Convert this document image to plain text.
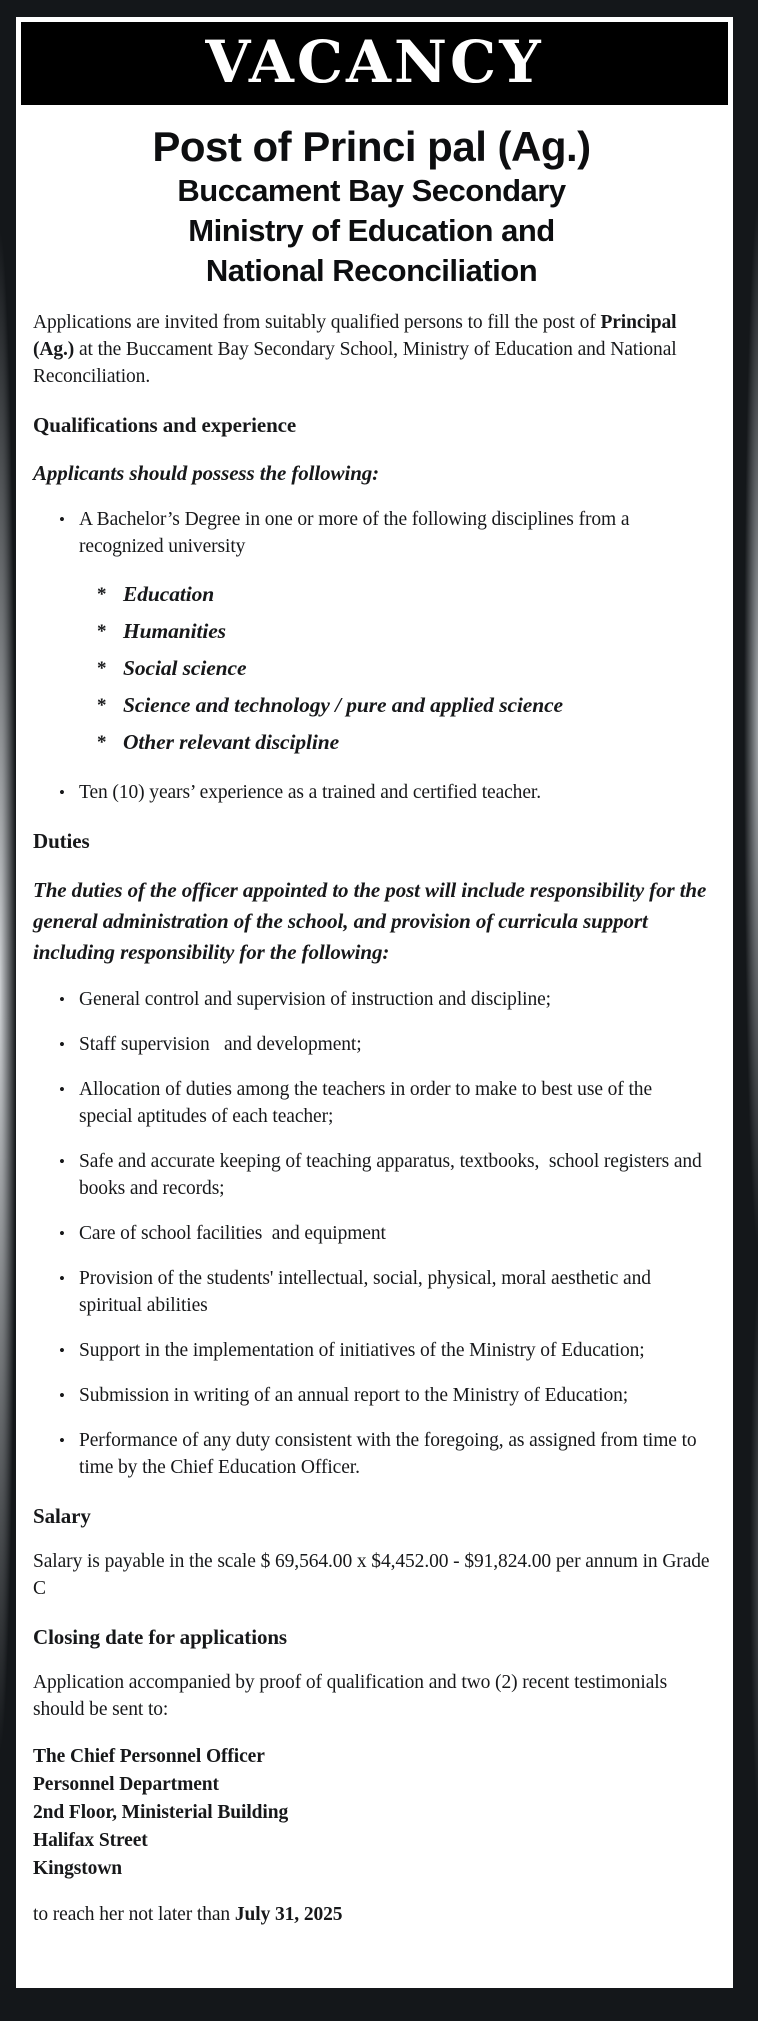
VACANCY
Post of Princi pal (Ag.)
Buccament Bay Secondary
Ministry of Education and
National Reconciliation

Applications are invited from suitably qualified persons to fill the post of Principal (Ag.) at the Buccament Bay Secondary School, Ministry of Education and National Reconciliation.

Qualifications and experience
Applicants should possess the following:
• A Bachelor’s Degree in one or more of the following disciplines from a recognized university
* Education
* Humanities
* Social science
* Science and technology / pure and applied science
* Other relevant discipline
• Ten (10) years’ experience as a trained and certified teacher.
Duties
The duties of the officer appointed to the post will include responsibility for the general administration of the school, and provision of curricula support including responsibility for the following:
• General control and supervision of instruction and discipline;
• Staff supervision   and development;
• Allocation of duties among the teachers in order to make to best use of the special aptitudes of each teacher;
• Safe and accurate keeping of teaching apparatus, textbooks,  school registers and books and records;
• Care of school facilities  and equipment
• Provision of the students' intellectual, social, physical, moral aesthetic and spiritual abilities
• Support in the implementation of initiatives of the Ministry of Education;
• Submission in writing of an annual report to the Ministry of Education;
• Performance of any duty consistent with the foregoing, as assigned from time to time by the Chief Education Officer.
Salary

Salary is payable in the scale $ 69,564.00 x $4,452.00 - $91,824.00 per annum in Grade C

Closing date for applications

Application accompanied by proof of qualification and two (2) recent testimonials should be sent to:

The Chief Personnel Officer
Personnel Department
2nd Floor, Ministerial Building
Halifax Street
Kingstown

to reach her not later than July 31, 2025
